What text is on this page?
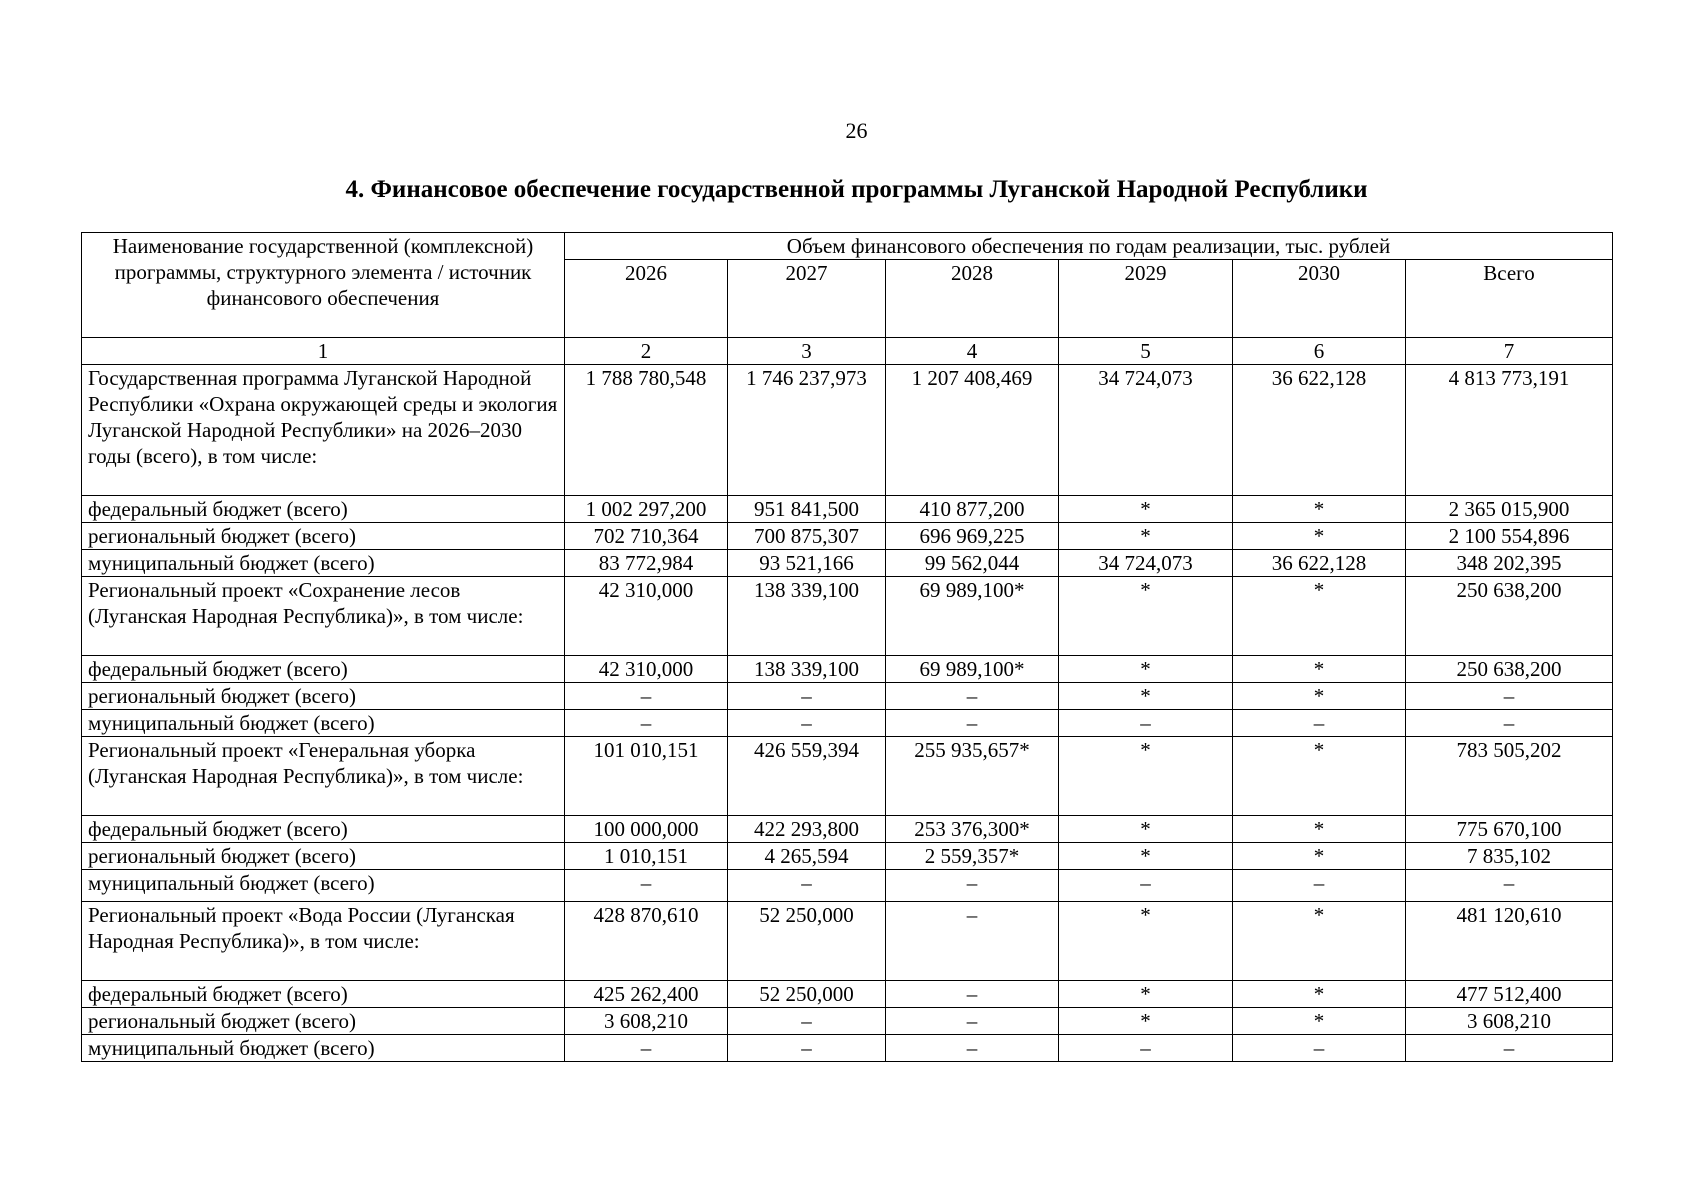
26
4. Финансовое обеспечение государственной программы Луганской Народной Республики
Наименование государственной (комплексной) программы, структурного элемента / источник финансового обеспечения	Объем финансового обеспечения по годам реализации, тыс. рублей					
	2026	2027	2028	2029	2030	Всего
1	2	3	4	5	6	7
Государственная программа Луганской Народной Республики «Охрана окружающей среды и экология Луганской Народной Республики» на 2026–2030 годы (всего), в том числе:	1 788 780,548	1 746 237,973	1 207 408,469	34 724,073	36 622,128	4 813 773,191
федеральный бюджет (всего)	1 002 297,200	951 841,500	410 877,200	*	*	2 365 015,900
региональный бюджет (всего)	702 710,364	700 875,307	696 969,225	*	*	2 100 554,896
муниципальный бюджет (всего)	83 772,984	93 521,166	99 562,044	34 724,073	36 622,128	348 202,395
Региональный проект «Сохранение лесов (Луганская Народная Республика)», в том числе:	42 310,000	138 339,100	69 989,100*	*	*	250 638,200
федеральный бюджет (всего)	42 310,000	138 339,100	69 989,100*	*	*	250 638,200
региональный бюджет (всего)	–	–	–	*	*	–
муниципальный бюджет (всего)	–	–	–	–	–	–
Региональный проект «Генеральная уборка (Луганская Народная Республика)», в том числе:	101 010,151	426 559,394	255 935,657*	*	*	783 505,202
федеральный бюджет (всего)	100 000,000	422 293,800	253 376,300*	*	*	775 670,100
региональный бюджет (всего)	1 010,151	4 265,594	2 559,357*	*	*	7 835,102
муниципальный бюджет (всего)	–	–	–	–	–	–
Региональный проект «Вода России (Луганская Народная Республика)», в том числе:	428 870,610	52 250,000	–	*	*	481 120,610
федеральный бюджет (всего)	425 262,400	52 250,000	–	*	*	477 512,400
региональный бюджет (всего)	3 608,210	–	–	*	*	3 608,210
муниципальный бюджет (всего)	–	–	–	–	–	–
